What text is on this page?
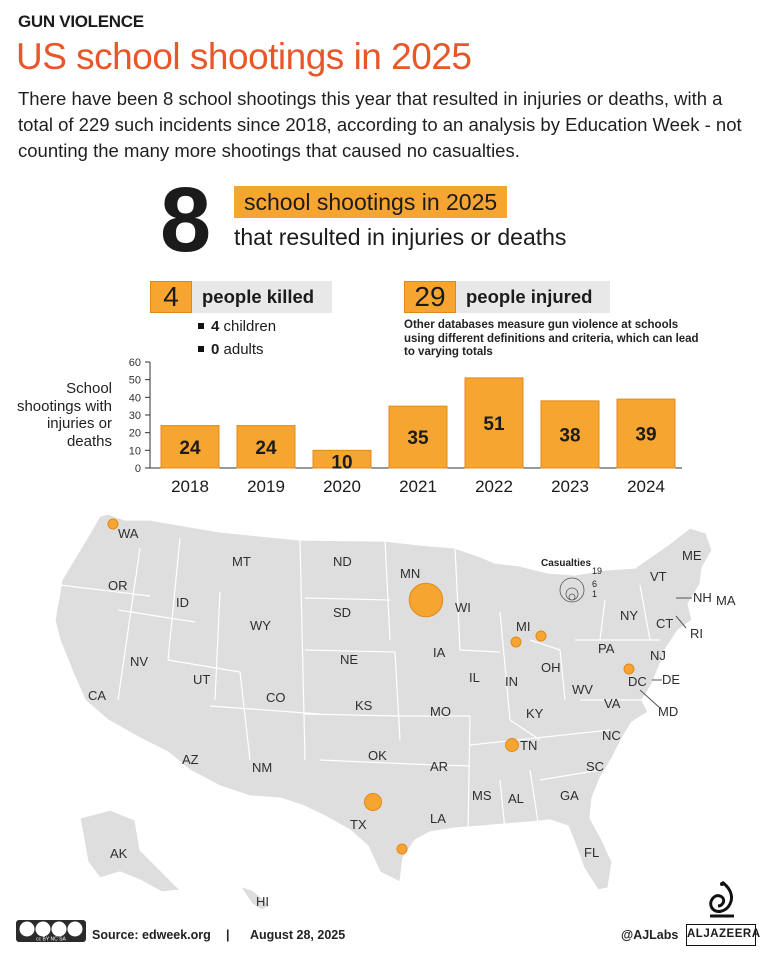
GUN VIOLENCE
US school shootings in 2025
There have been 8 school shootings this year that resulted in injuries or deaths, with a total of 229 such incidents since 2018, according to an analysis by Education Week - not counting the many more shootings that caused no casualties.
8	school shootings in 2025
that resulted in injuries or deaths
4	people killed
4 children
0 adults
29	people injured
Other databases measure gun violence at schools using different definitions and criteria, which can lead to varying totals
School shootings with injuries or deaths
0
10
20
30
40
50
60
24
2018
24
2019
10
2020
35
2021
51
2022
38
2023
39
2024
WA
OR
CA
NV
ID
MT
WY
UT
AZ
NM
CO
ND
SD
NE
KS
OK
TX
MN
IA
MO
AR
LA
WI
IL
MI
IN
OH
KY
TN
MS AL	GA
FL
SC
NC
VA
WV
PA
NY
VT
ME
NH MA
CT
RI
NJ
DE
DC
MD
AK
HI
Casualties
19
6
1
cc BY NC SA Source: edweek.org | August 28, 2025	@AJLabs ALJAZEERA
